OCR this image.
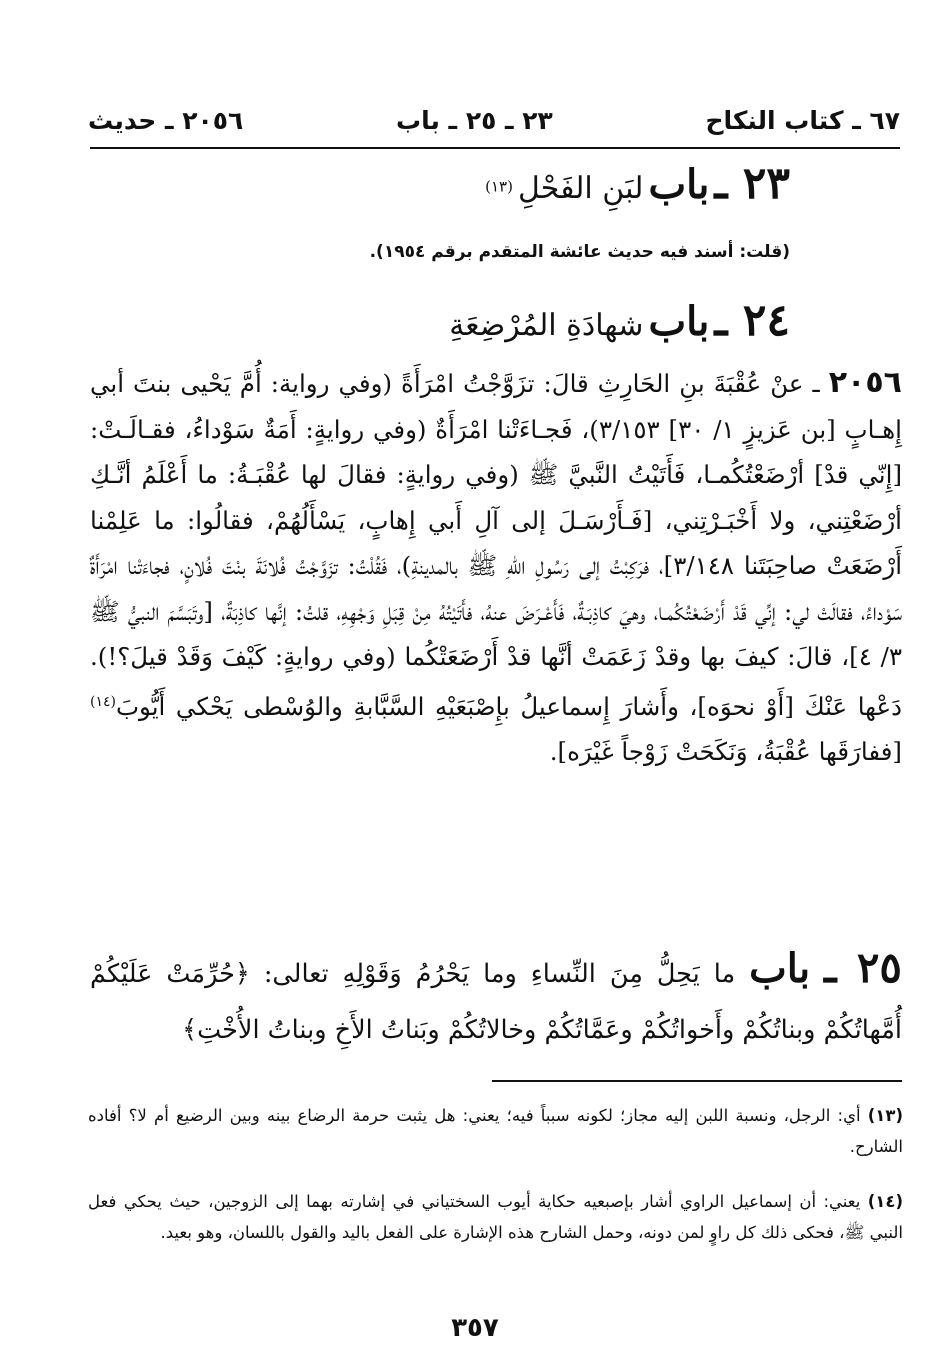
٦٧ ـ كتاب النكاح
٢٣ ـ ٢٥ ـ باب
٢٠٥٦ ـ حديث
٢٣ ـ باب لبَنِ الفَحْلِ (١٣)
(قلت: أسند فيه حديث عائشة المتقدم برقم ١٩٥٤).
٢٤ ـ باب شهادَةِ المُرْضِعَةِ
٢٠٥٦ ـ عنْ عُقْبَةَ بنِ الحَارِثِ قالَ: تزَوَّجْتُ امْرَأَةً (وفي رواية: أُمَّ يَحْيى بنتَ أبي إِهـابٍ [بن عَزيزٍ ١/ ٣٠] ٣/١٥٣)، فَجـاءَتْنا امْرَأَةٌ (وفي روايةٍ: أَمَةٌ سَوْداءُ، فقـالَـتْ: [إِنّي قدْ] أرْضَعْتُكُمـا، فَأَتَيْتُ النَّبيَّ ﷺ (وفي روايةٍ: فقالَ لها عُقْبَـةُ: ما أَعْلَمُ أنَّـكِ أرْضَعْتِني، ولا أَخْبَـرْتِني، [فَـأَرْسَـلَ إلى آلِ أَبي إِهابٍ، يَسْأَلُهُمْ، فقالُوا: ما عَلِمْنا أَرْضَعَتْ صاحِبَتَنا ٣/١٤٨]، فرَكِبْتُ إلى رَسُولِ اللهِ ﷺ بالمدينةِ)، فَقُلْتُ: تزَوَّجْتُ فُلانَةَ بنْتَ فُلانٍ، فجاءَتْنا امْرَأَةٌ سَوْداءُ، فقالَتْ لي: إنِّي قَدْ أَرْضَعْتُكُمـا، وهيَ كاذِبَـةٌ، فَأَعْـرَضَ عنهُ، فأَتَيْتُهُ مِنْ قِبَلِ وَجْهِهِ، قلتُ: إنَّها كاذِبَةٌ، [وتَبَسَّمَ النبيُّ ﷺ ٣/ ٤]، قالَ: كيفَ بها وقدْ زَعَمَتْ أنَّها قدْ أَرْضَعَتْكُما (وفي روايةٍ: كَيْفَ وَقَدْ قيلَ؟!). دَعْها عَنْكَ [أَوْ نحوَه]، وأَشارَ إِسماعيلُ بإِصْبَعَيْهِ السَّبَّابةِ والوُسْطى يَحْكي أَيُّوبَ$^{(١٤)}$ [ففارَقَها عُقْبَةُ، وَنَكَحَتْ زَوْجاً غَيْرَه].
٢٥ ـ باب ما يَحِلُّ مِنَ النِّساءِ وما يَحْرُمُ وَقَوْلِهِ تعالى: ﴿حُرِّمَتْ عَلَيْكُمْ أُمَّهاتُكُمْ وبناتُكُمْ وأَخواتُكُمْ وعَمَّاتُكُمْ وخالاتُكُمْ وبَناتُ الأَخِ وبناتُ الأُخْتِ﴾
(١٣) أي: الرجل، ونسبة اللبن إليه مجاز؛ لكونه سبباً فيه؛ يعني: هل يثبت حرمة الرضاع بينه وبين الرضيع أم لا؟ أفاده الشارح.
(١٤) يعني: أن إسماعيل الراوي أشار بإصبعيه حكاية أيوب السختياني في إشارته بهما إلى الزوجين، حيث يحكي فعل النبي ﷺ، فحكى ذلك كل راوٍ لمن دونه، وحمل الشارح هذه الإشارة على الفعل باليد والقول باللسان، وهو بعيد.
٣٥٧
